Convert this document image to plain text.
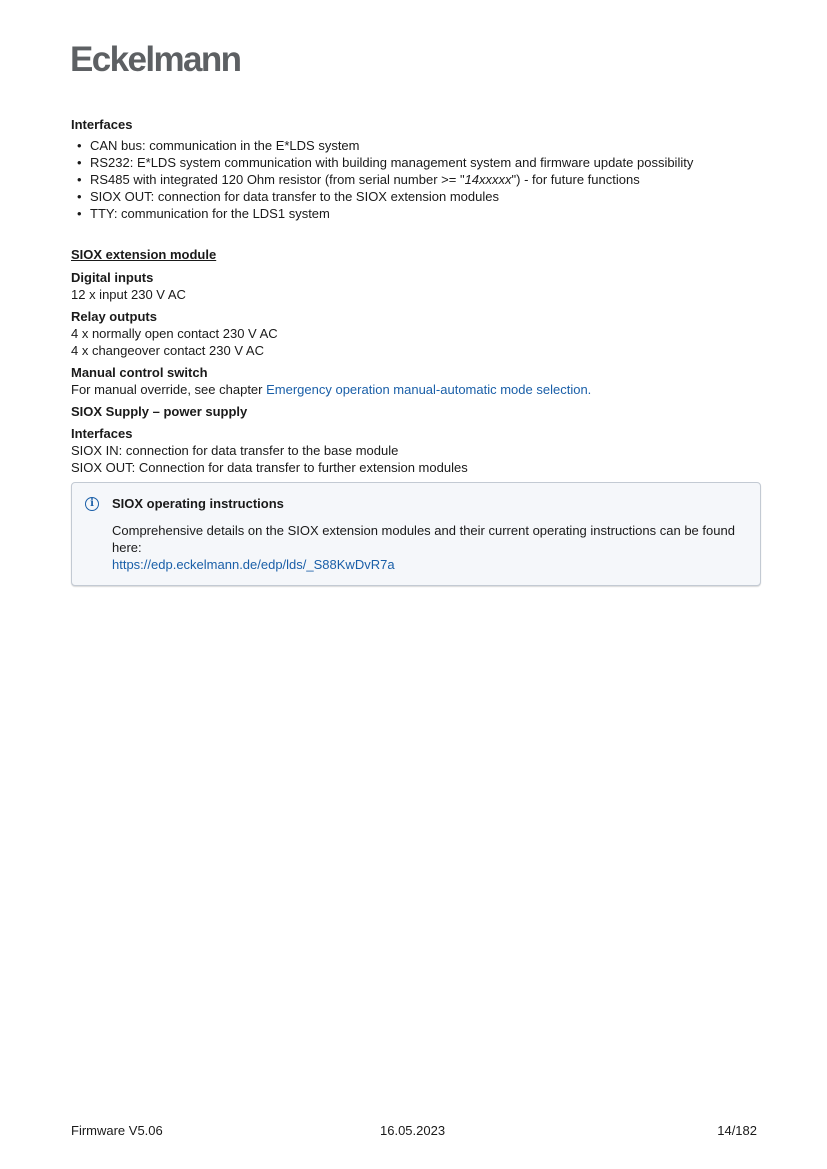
Eckelmann
Interfaces
• CAN bus: communication in the E*LDS system
• RS232: E*LDS system communication with building management system and firmware update possibility
• RS485 with integrated 120 Ohm resistor (from serial number >= "14xxxxx") - for future functions
• SIOX OUT: connection for data transfer to the SIOX extension modules
• TTY: communication for the LDS1 system
SIOX extension module
Digital inputs
12 x input 230 V AC
Relay outputs
4 x normally open contact 230 V AC
4 x changeover contact 230 V AC
Manual control switch
For manual override, see chapter Emergency operation manual-automatic mode selection.
SIOX Supply – power supply
Interfaces
SIOX IN: connection for data transfer to the base module
SIOX OUT: Connection for data transfer to further extension modules
i	SIOX operating instructions
Comprehensive details on the SIOX extension modules and their current operating instructions can be found here:
https://edp.eckelmann.de/edp/lds/_S88KwDvR7a
Firmware V5.06	16.05.2023	14/182
